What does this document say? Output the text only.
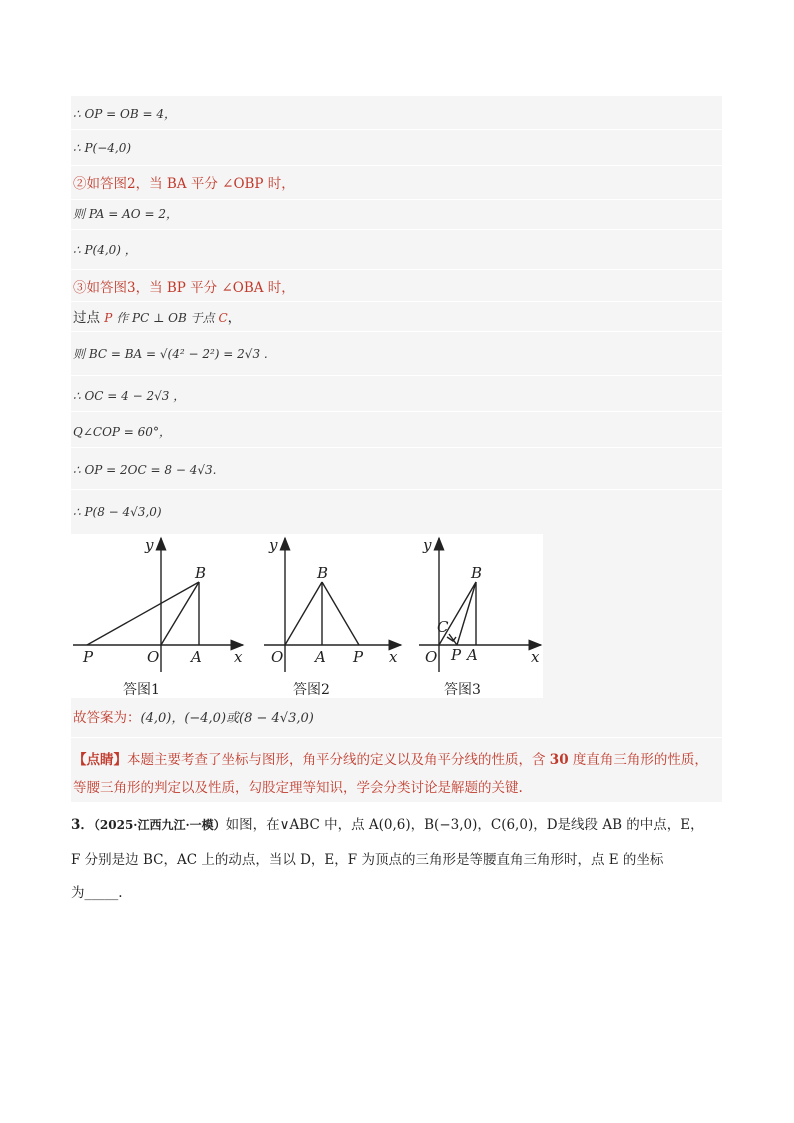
∴ OP = OB = 4，
∴ P(−4,0)
②如答图2，当 BA 平分 ∠OBP 时，
则 PA = AO = 2，
∴ P(4,0) ，
③如答图3，当 BP 平分 ∠OBA 时，
过点 P 作 PC ⊥ OB 于点 C，
则 BC = BA = √(4² − 2²) = 2√3 .
∴ OC = 4 − 2√3 ，
Q∠COP = 60°，
∴ OP = 2OC = 8 − 4√3.
∴ P(8 − 4√3,0)
y
x
B
P	O A
答图1
y
x
B
P
O A
答图2
y
x
B
C
O P A
答图3
故答案为：(4,0)，(−4,0)或(8 − 4√3,0)
【点睛】本题主要考查了坐标与图形，角平分线的定义以及角平分线的性质，含 30 度直角三角形的性质，
等腰三角形的判定以及性质，勾股定理等知识，学会分类讨论是解题的关键.
3．（2025·江西九江·一模）如图，在∨ABC 中，点 A(0,6)，B(−3,0)，C(6,0)，D是线段 AB 的中点，E，
F 分别是边 BC，AC 上的动点，当以 D，E，F 为顶点的三角形是等腰直角三角形时，点 E 的坐标
为_____.
